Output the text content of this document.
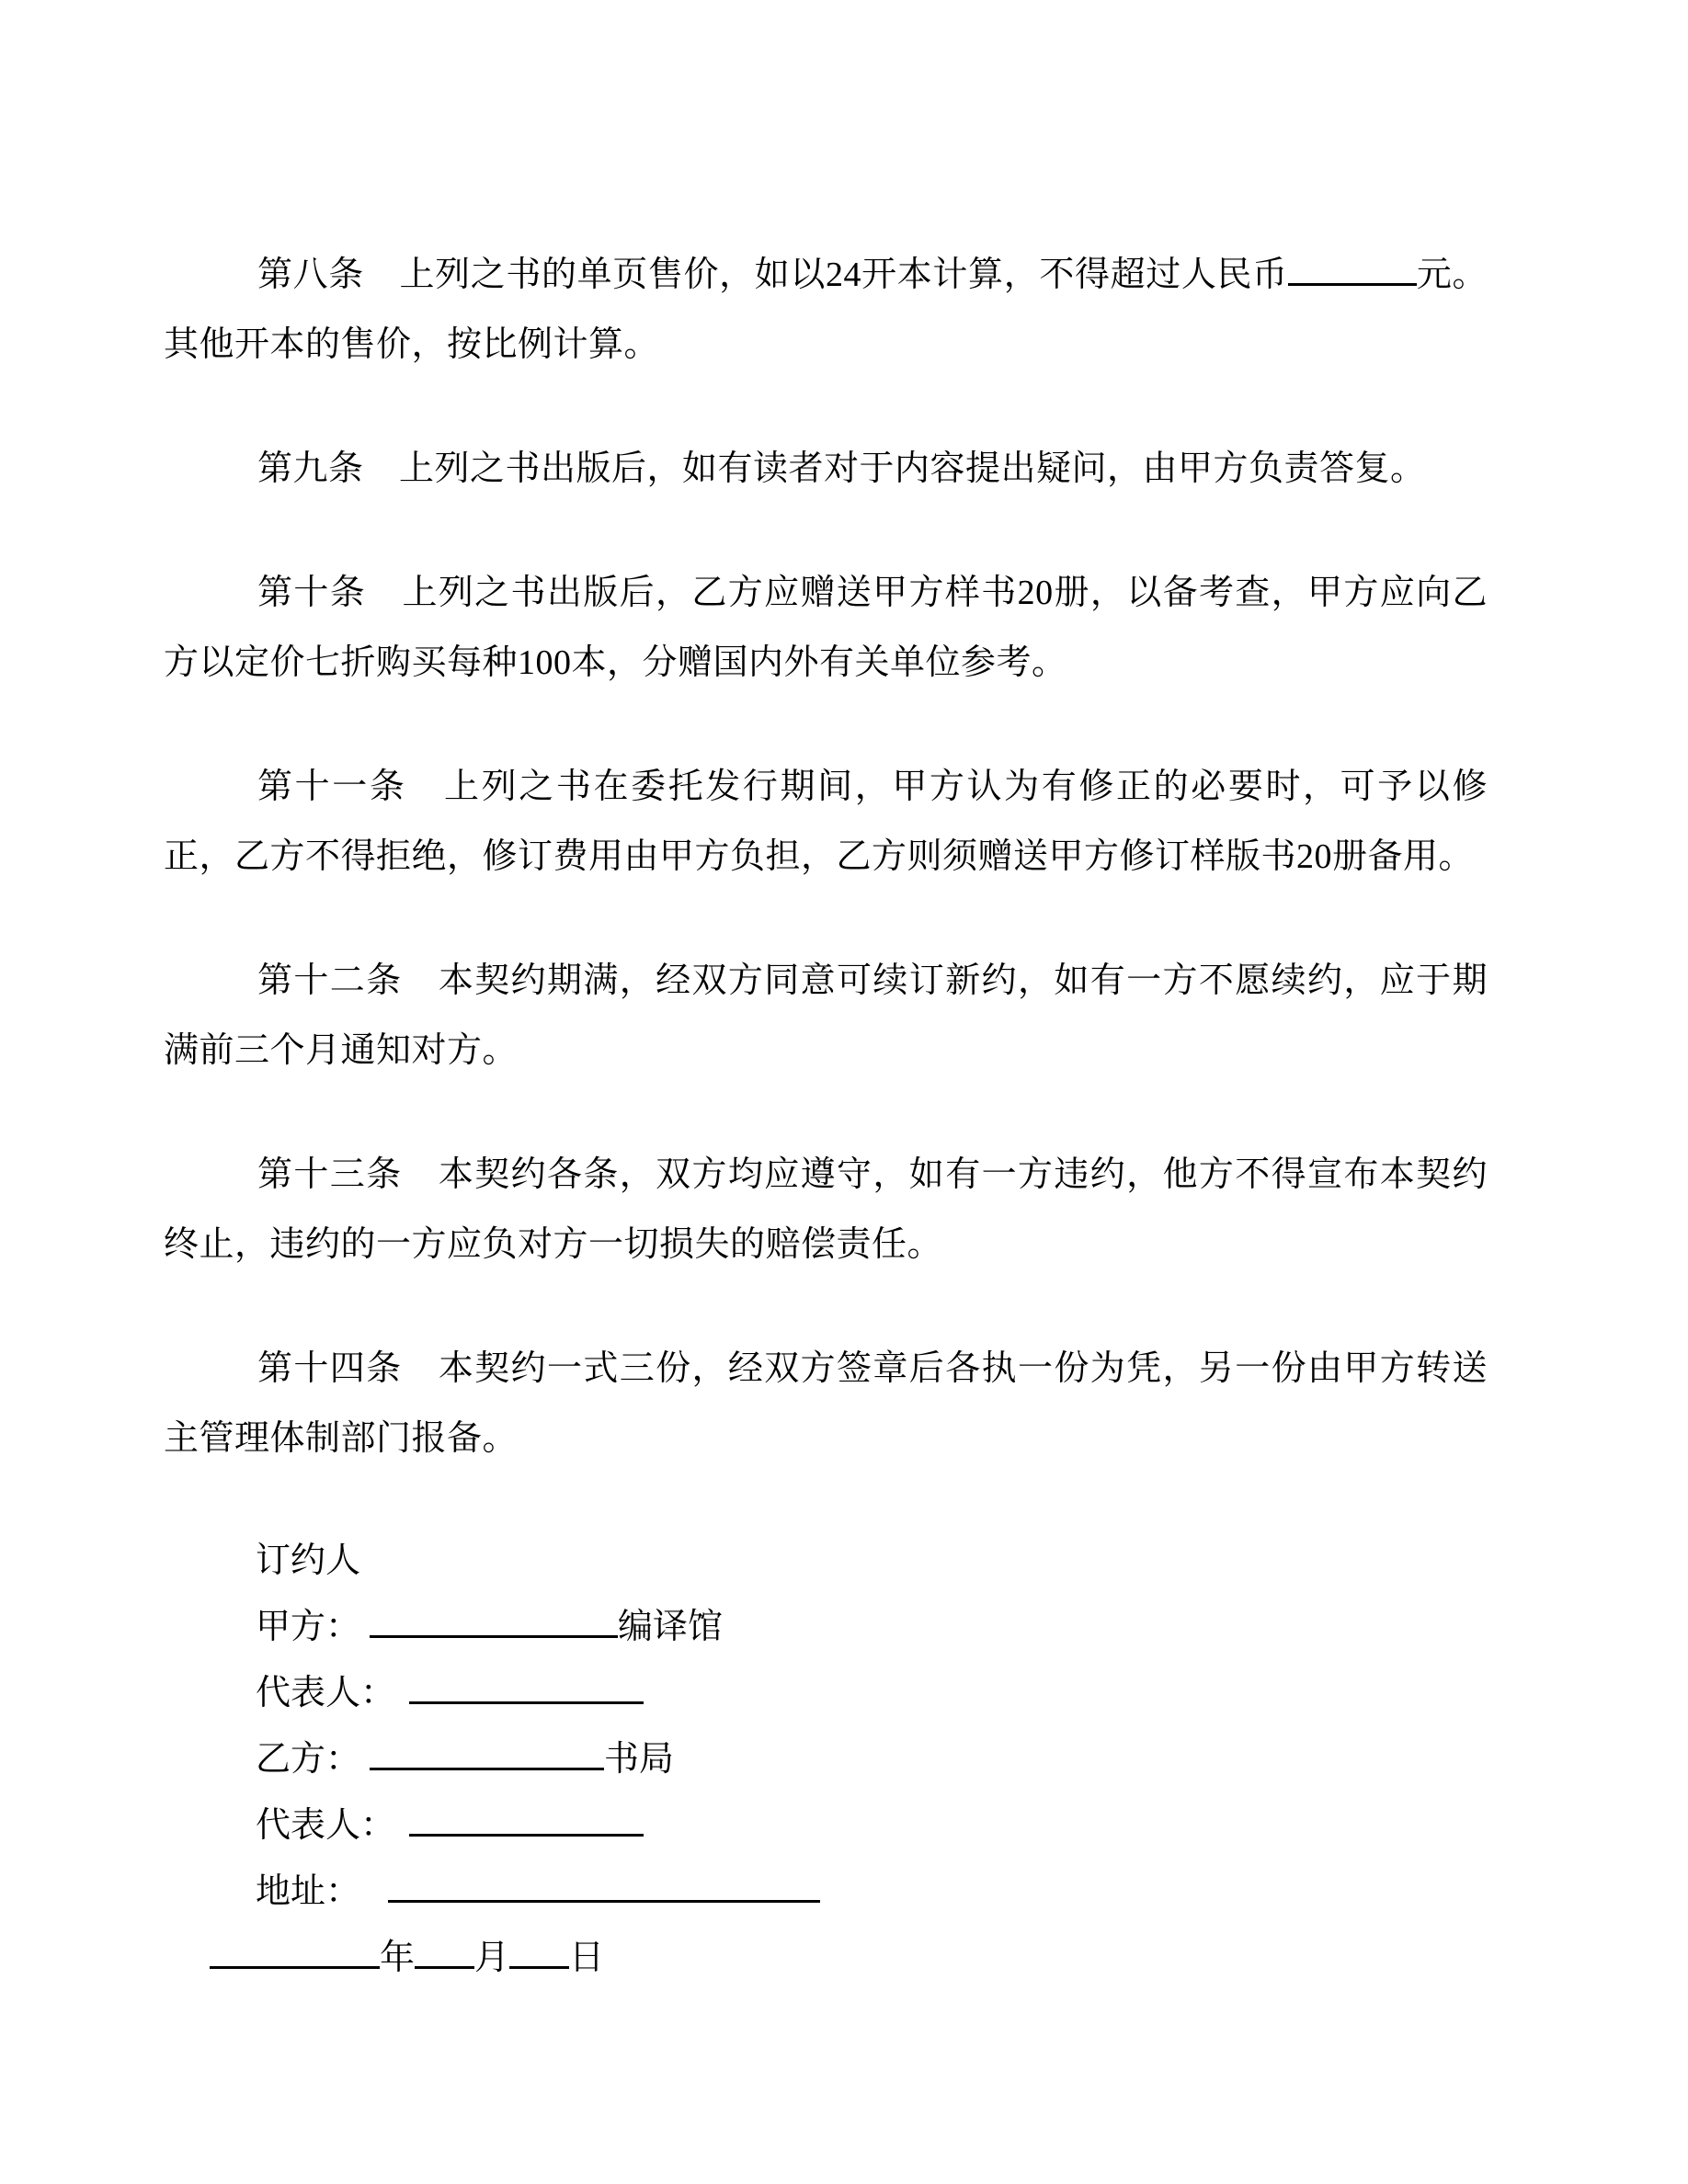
第八条　上列之书的单页售价，如以24开本计算，不得超过人民币	元。其他开本的售价，按比例计算。

第九条　上列之书出版后，如有读者对于内容提出疑问，由甲方负责答复。

第十条　上列之书出版后，乙方应赠送甲方样书20册，以备考查，甲方应向乙方以定价七折购买每种100本，分赠国内外有关单位参考。

第十一条　上列之书在委托发行期间，甲方认为有修正的必要时，可予以修正，乙方不得拒绝，修订费用由甲方负担，乙方则须赠送甲方修订样版书20册备用。

第十二条　本契约期满，经双方同意可续订新约，如有一方不愿续约，应于期满前三个月通知对方。

第十三条　本契约各条，双方均应遵守，如有一方违约，他方不得宣布本契约终止，违约的一方应负对方一切损失的赔偿责任。

第十四条　本契约一式三份，经双方签章后各执一份为凭，另一份由甲方转送主管理体制部门报备。

订约人
甲方：	编译馆
代表人：
乙方：	书局
代表人：
地址：
年 月 日
